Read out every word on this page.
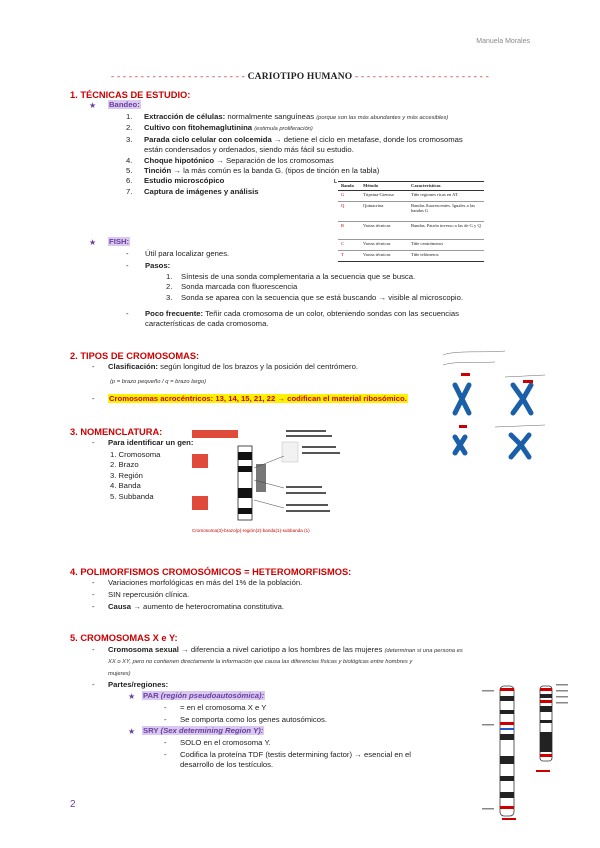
Manuela Morales
- - - - - - - - - - - - - - - - - - - - - - - CARIOTIPO HUMANO - - - - - - - - - - - - - - - - - - - - - - -
1. TÉCNICAS DE ESTUDIO:
★ Bandeo:
1. Extracción de células: normalmente sanguíneas (porque son las más abundantes y más accesibles)
2. Cultivo con fitohemaglutinina (estimula proliferación)
3. Parada ciclo celular con colcemida → detiene el ciclo en metafase, donde los cromosomas
están condensados y ordenados, siendo más fácil su estudio.
4. Choque hipotónico → Separación de los cromosomas
5. Tinción → la más común es la banda G. (tipos de tinción en la tabla)
6. Estudio microscópico
7. Captura de imágenes y análisis
L
Banda	Método	Características
G	Tripsina-Giemsa	Tiñe regiones ricas en AT
Q	Quinacrina	Bandas fluorescentes. Iguales a las bandas G
R	Varias técnicas	Bandas. Patrón inverso a las de G y Q
C	Varias técnicas	Tiñe centrómeros
T	Varias técnicas	Tiñe telómeros
★ FISH:
- Útil para localizar genes.
- Pasos:
1. Síntesis de una sonda complementaria a la secuencia que se busca.
2. Sonda marcada con fluorescencia
3. Sonda se aparea con la secuencia que se está buscando → visible al microscopio.
- Poco frecuente: Teñir cada cromosoma de un color, obteniendo sondas con las secuencias
características de cada cromosoma.
2. TIPOS DE CROMOSOMAS:
- Clasificación: según longitud de los brazos y la posición del centrómero.
(p = brazo pequeño / q = brazo largo)
- Cromosomas acrocéntricos: 13, 14, 15, 21, 22 → codifican el material ribosómico.
3. NOMENCLATURA:
- Para identificar un gen:
1. Cromosoma
2. Brazo
3. Región
4. Banda
5. Subbanda
Cromosoma(3)-brazo(p)-región(2)-banda(1)-subbanda (1)
4. POLIMORFISMOS CROMOSÓMICOS = HETEROMORFISMOS:
- Variaciones morfológicas en más del 1% de la población.
- SIN repercusión clínica.
- Causa → aumento de heterocromatina constitutiva.
5. CROMOSOMAS X e Y:
- Cromosoma sexual → diferencia a nivel cariotipo a los hombres de las mujeres (determinan si una persona es
XX o XY, pero no contienen directamente la información que causa las diferencias físicas y biológicas entre hombres y
mujeres)
- Partes/regiones:
★ PAR (región pseudoautosómica):
- = en el cromosoma X e Y
- Se comporta como los genes autosómicos.
★ SRY (Sex determining Region Y):
- SOLO en el cromosoma Y.
- Codifica la proteína TDF (testis determining factor) → esencial en el
desarrollo de los testículos.
2
